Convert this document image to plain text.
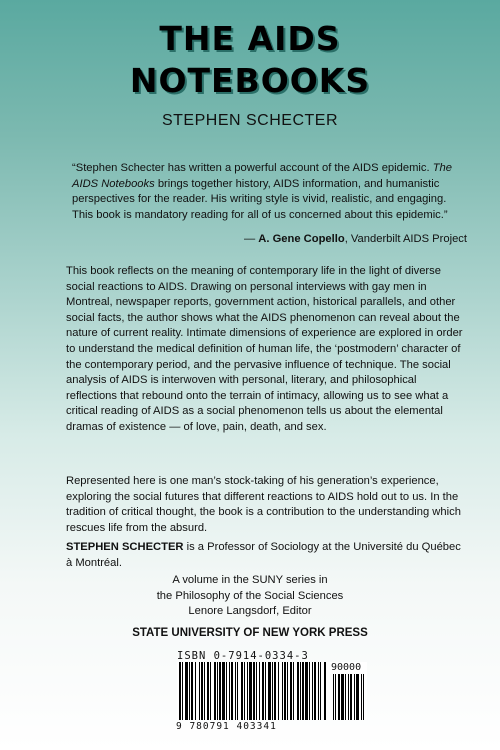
THE AIDS
NOTEBOOKS
STEPHEN SCHECTER

“Stephen Schecter has written a powerful account of the AIDS epidemic. The AIDS Notebooks brings together history, AIDS information, and humanistic perspectives for the reader. His writing style is vivid, realistic, and engaging. This book is mandatory reading for all of us concerned about this epidemic.”

— A. Gene Copello, Vanderbilt AIDS Project

This book reflects on the meaning of contemporary life in the light of diverse social reactions to AIDS. Drawing on personal interviews with gay men in Montreal, newspaper reports, government action, historical parallels, and other social facts, the author shows what the AIDS phenomenon can reveal about the nature of current reality. Intimate dimensions of experience are explored in order to understand the medical definition of human life, the ‘postmodern’ character of the contemporary period, and the pervasive influence of technique. The social analysis of AIDS is interwoven with personal, literary, and philosophical reflections that rebound onto the terrain of intimacy, allowing us to see what a critical reading of AIDS as a social phenomenon tells us about the elemental dramas of existence — of love, pain, death, and sex.

Represented here is one man’s stock-taking of his generation’s experience, exploring the social futures that different reactions to AIDS hold out to us. In the tradition of critical thought, the book is a contribution to the understanding which rescues life from the absurd.

STEPHEN SCHECTER is a Professor of Sociology at the Université du Québec à Montréal.

A volume in the SUNY series in
the Philosophy of the Social Sciences
Lenore Langsdorf, Editor
STATE UNIVERSITY OF NEW YORK PRESS
ISBN 0-7914-0334-3
90000
9 780791 403341
